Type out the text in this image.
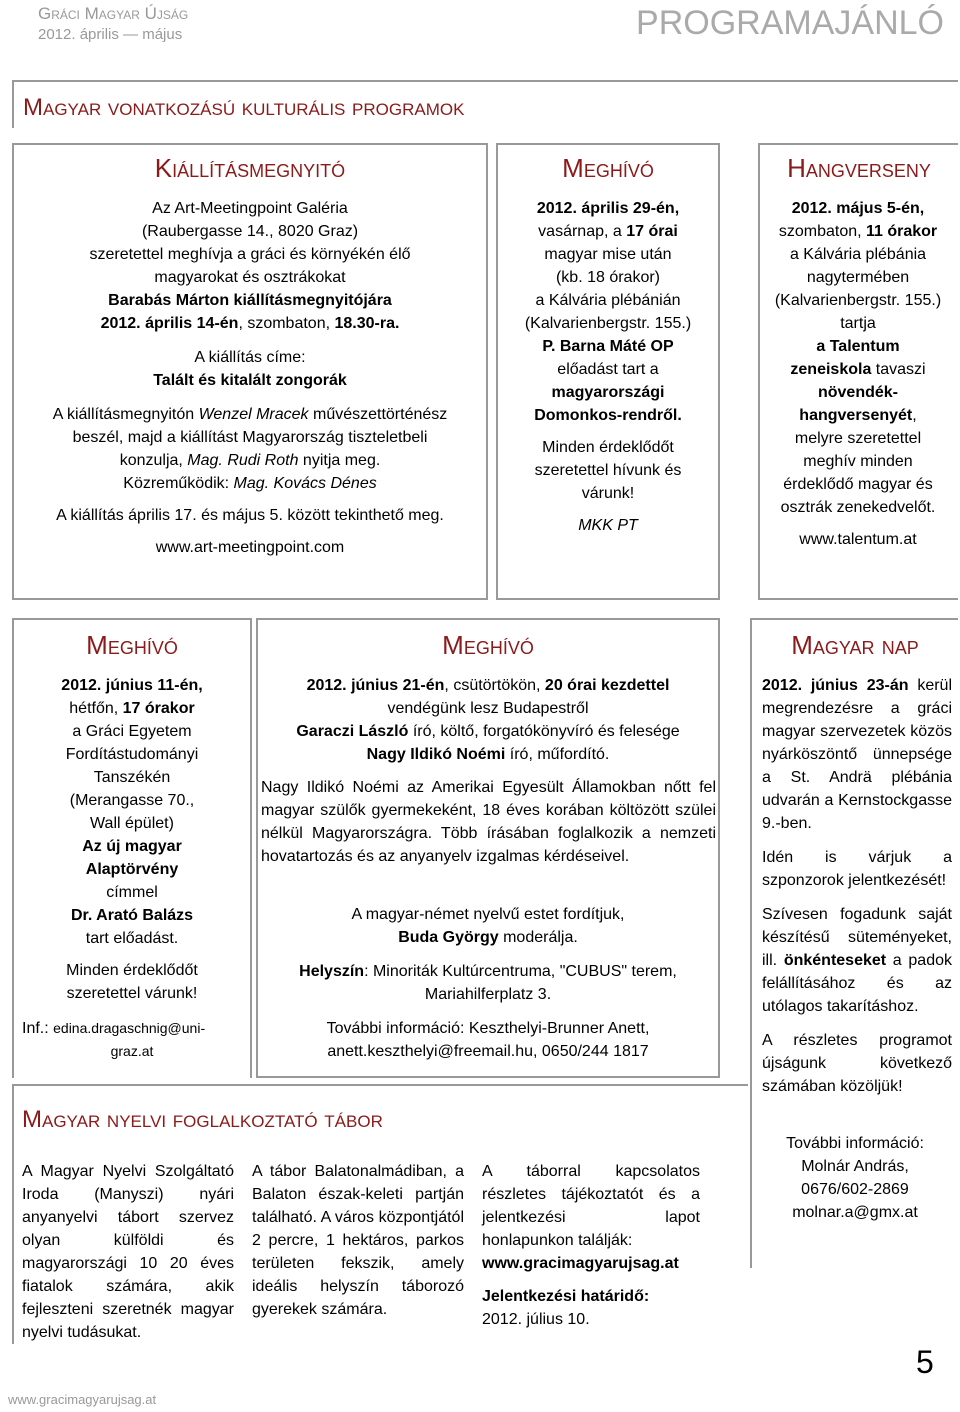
Gráci Magyar Újság
2012. április — május	PROGRAMAJÁNLÓ
Magyar vonatkozású kulturális programok
Kiállításmegnyitó

Az Art-Meetingpoint Galéria

(Raubergasse 14., 8020 Graz)

szeretettel meghívja a gráci és környékén élő

magyarokat és osztrákokat

Barabás Márton kiállításmegnyitójára

2012. április 14-én, szombaton, 18.30-ra.

A kiállítás címe:

Talált és kitalált zongorák

A kiállításmegnyitón Wenzel Mracek művészettörténész

beszél, majd a kiállítást Magyarország tiszteletbeli

konzulja, Mag. Rudi Roth nyitja meg.

Közreműködik: Mag. Kovács Dénes

A kiállítás április 17. és május 5. között tekinthető meg.

www.art-meetingpoint.com

Meghívó

2012. április 29-én,

vasárnap, a 17 órai

magyar mise után

(kb. 18 órakor)

a Kálvária plébánián

(Kalvarienbergstr. 155.)

P. Barna Máté OP

előadást tart a

magyarországi

Domonkos-rendről.

Minden érdeklődőt

szeretettel hívunk és

várunk!

MKK PT

Hangverseny

2012. május 5-én,

szombaton, 11 órakor

a Kálvária plébánia

nagytermében

(Kalvarienbergstr. 155.)

tartja

a Talentum

zeneiskola tavaszi

növendék-

hangversenyét,

melyre szeretettel

meghív minden

érdeklődő magyar és

osztrák zenekedvelőt.

www.talentum.at

Meghívó

2012. június 11-én,

hétfőn, 17 órakor

a Gráci Egyetem

Fordítástudományi

Tanszékén

(Merangasse 70.,

Wall épület)

Az új magyar

Alaptörvény

címmel

Dr. Arató Balázs

tart előadást.

Minden érdeklődőt

szeretettel várunk!

Inf.: edina.dragaschnig@uni-
graz.at
Meghívó

2012. június 21-én, csütörtökön, 20 órai kezdettel

vendégünk lesz Budapestről

Garaczi László író, költő, forgatókönyvíró és felesége

Nagy Ildikó Noémi író, műfordító.

Nagy Ildikó Noémi az Amerikai Egyesült Államokban nőtt fel magyar szülők gyermekeként, 18 éves korában költözött szülei nélkül Magyarországra. Több írásában foglalkozik a nemzeti hovatartozás és az anyanyelv izgalmas kérdéseivel.

A magyar-német nyelvű estet fordítjuk,

Buda György moderálja.

Helyszín: Minoriták Kultúrcentruma, "CUBUS" terem,

Mariahilferplatz 3.

További információ: Keszthelyi-Brunner Anett,

anett.keszthelyi@freemail.hu, 0650/244 1817

Magyar nap

2012. június 23-án kerül megrendezésre a gráci magyar szervezetek közös nyárköszöntő ünnepsége a St. Andrä plébánia udvarán a Kernstockgasse 9.-ben.

Idén is várjuk a szponzorok jelentkezését!

Szívesen fogadunk saját készítésű süteményeket, ill. önkénteseket a padok felállításához és az utólagos takarításhoz.

A részletes programot újságunk következő számában közöljük!

További információ:

Molnár András,

0676/602-2869

molnar.a@gmx.at

Magyar nyelvi foglalkoztató tábor

A Magyar Nyelvi Szolgáltató Iroda (Manyszi) nyári anyanyelvi tábort szervez olyan külföldi és magyarországi 10 20 éves fiatalok számára, akik fejleszteni szeretnék magyar nyelvi tudásukat.

A tábor Balatonalmádiban, a Balaton észak-keleti partján található. A város központjától 2 percre, 1 hektáros, parkos területen fekszik, amely ideális helyszín táborozó gyerekek számára.

A táborral kapcsolatos részletes tájékoztatót és a jelentkezési lapot honlapunkon találják:

www.gracimagyarujsag.at

Jelentkezési határidő:

2012. július 10.

www.gracimagyarujsag.at
5
